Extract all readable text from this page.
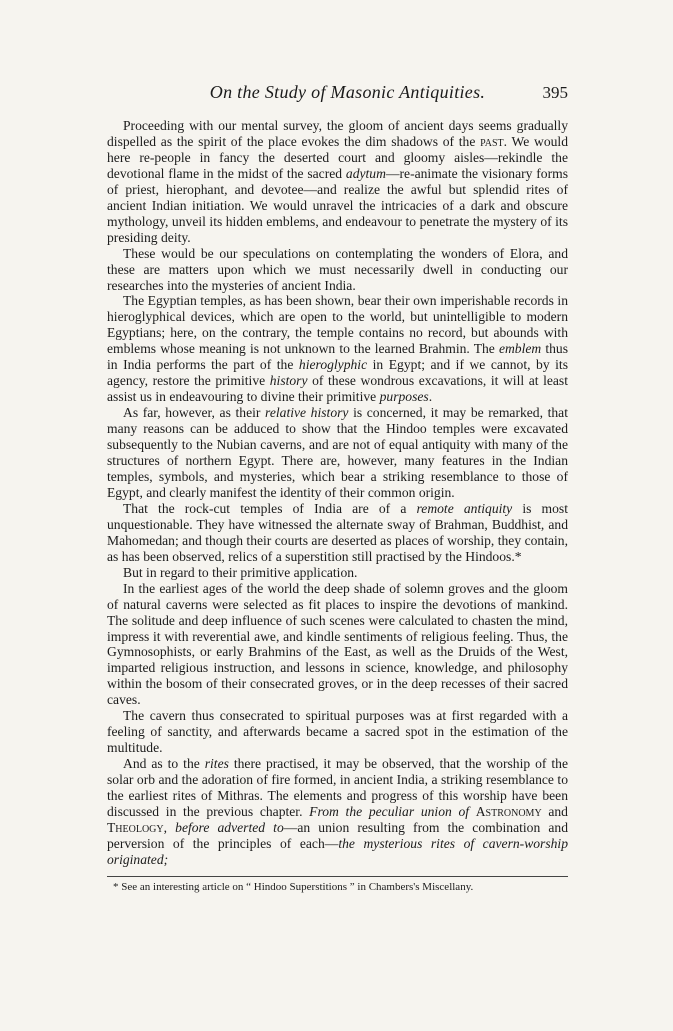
On the Study of Masonic Antiquities.	395

Proceeding with our mental survey, the gloom of ancient days seems gradually dispelled as the spirit of the place evokes the dim shadows of the past. We would here re-people in fancy the deserted court and gloomy aisles—rekindle the devotional flame in the midst of the sacred adytum—re-animate the visionary forms of priest, hierophant, and devotee—and realize the awful but splendid rites of ancient Indian initiation. We would unravel the intricacies of a dark and obscure mythology, unveil its hidden emblems, and endeavour to penetrate the mystery of its presiding deity.

These would be our speculations on contemplating the wonders of Elora, and these are matters upon which we must necessarily dwell in conducting our researches into the mysteries of ancient India.

The Egyptian temples, as has been shown, bear their own imperishable records in hieroglyphical devices, which are open to the world, but unintelligible to modern Egyptians; here, on the contrary, the temple contains no record, but abounds with emblems whose meaning is not unknown to the learned Brahmin. The emblem thus in India performs the part of the hieroglyphic in Egypt; and if we cannot, by its agency, restore the primitive history of these wondrous excavations, it will at least assist us in endeavouring to divine their primitive purposes.

As far, however, as their relative history is concerned, it may be remarked, that many reasons can be adduced to show that the Hindoo temples were excavated subsequently to the Nubian caverns, and are not of equal antiquity with many of the structures of northern Egypt. There are, however, many features in the Indian temples, symbols, and mysteries, which bear a striking resemblance to those of Egypt, and clearly manifest the identity of their common origin.

That the rock-cut temples of India are of a remote antiquity is most unquestionable. They have witnessed the alternate sway of Brahman, Buddhist, and Mahomedan; and though their courts are deserted as places of worship, they contain, as has been observed, relics of a superstition still practised by the Hindoos.*

But in regard to their primitive application.

In the earliest ages of the world the deep shade of solemn groves and the gloom of natural caverns were selected as fit places to inspire the devotions of mankind. The solitude and deep influence of such scenes were calculated to chasten the mind, impress it with reverential awe, and kindle sentiments of religious feeling. Thus, the Gymnosophists, or early Brahmins of the East, as well as the Druids of the West, imparted religious instruction, and lessons in science, knowledge, and philosophy within the bosom of their consecrated groves, or in the deep recesses of their sacred caves.

The cavern thus consecrated to spiritual purposes was at first regarded with a feeling of sanctity, and afterwards became a sacred spot in the estimation of the multitude.

And as to the rites there practised, it may be observed, that the worship of the solar orb and the adoration of fire formed, in ancient India, a striking resemblance to the earliest rites of Mithras. The elements and progress of this worship have been discussed in the previous chapter. From the peculiar union of Astronomy and Theology, before adverted to—an union resulting from the combination and perversion of the principles of each—the mysterious rites of cavern-worship originated;

* See an interesting article on “ Hindoo Superstitions ” in Chambers's Miscellany.
